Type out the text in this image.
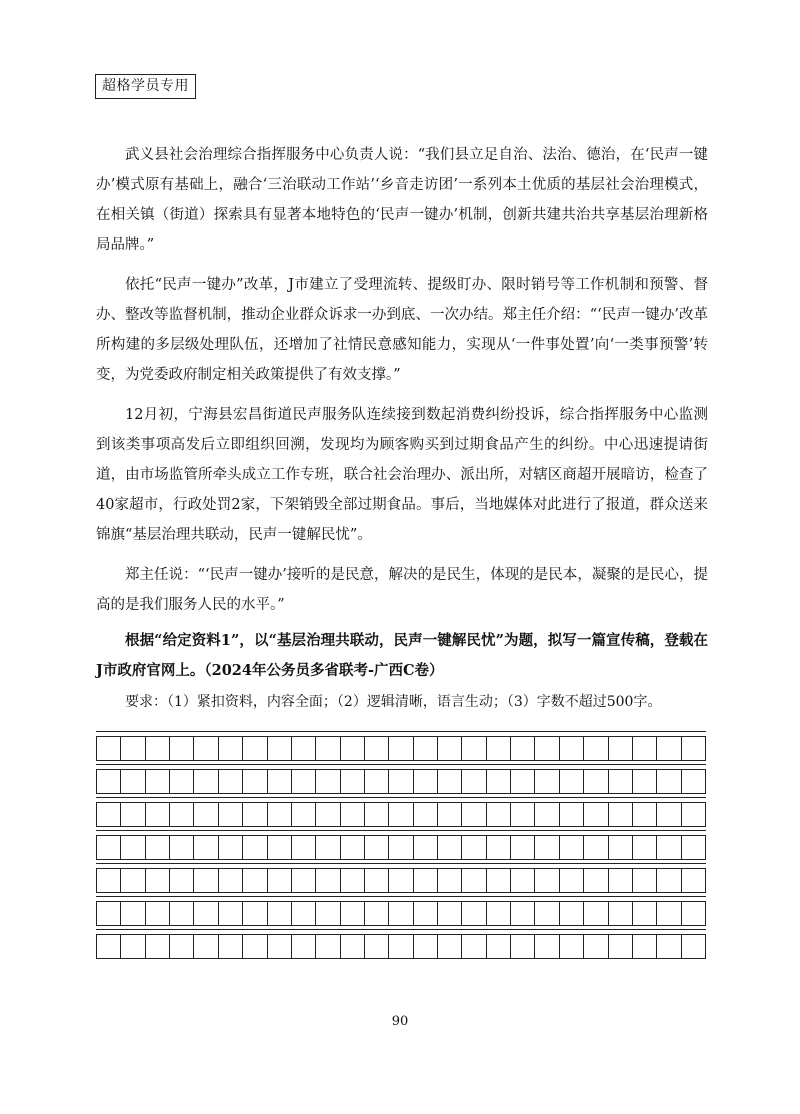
超格学员专用

武义县社会治理综合指挥服务中心负责人说：“我们县立足自治、法治、德治，在‘民声一键办’模式原有基础上，融合‘三治联动工作站’‘乡音走访团’一系列本土优质的基层社会治理模式，在相关镇（街道）探索具有显著本地特色的‘民声一键办’机制，创新共建共治共享基层治理新格局品牌。”

依托“民声一键办”改革，J市建立了受理流转、提级盯办、限时销号等工作机制和预警、督办、整改等监督机制，推动企业群众诉求一办到底、一次办结。郑主任介绍：“‘民声一键办’改革所构建的多层级处理队伍，还增加了社情民意感知能力，实现从‘一件事处置’向‘一类事预警’转变，为党委政府制定相关政策提供了有效支撑。”

12月初，宁海县宏昌街道民声服务队连续接到数起消费纠纷投诉，综合指挥服务中心监测到该类事项高发后立即组织回溯，发现均为顾客购买到过期食品产生的纠纷。中心迅速提请街道，由市场监管所牵头成立工作专班，联合社会治理办、派出所，对辖区商超开展暗访，检查了40家超市，行政处罚2家，下架销毁全部过期食品。事后，当地媒体对此进行了报道，群众送来锦旗“基层治理共联动，民声一键解民忧”。

郑主任说：“‘民声一键办’接听的是民意，解决的是民生，体现的是民本，凝聚的是民心，提高的是我们服务人民的水平。”

根据“给定资料1”，以“基层治理共联动，民声一键解民忧”为题，拟写一篇宣传稿，登载在J市政府官网上。（2024年公务员多省联考-广西C卷）

要求：（1）紧扣资料，内容全面；（2）逻辑清晰，语言生动；（3）字数不超过500字。

90
